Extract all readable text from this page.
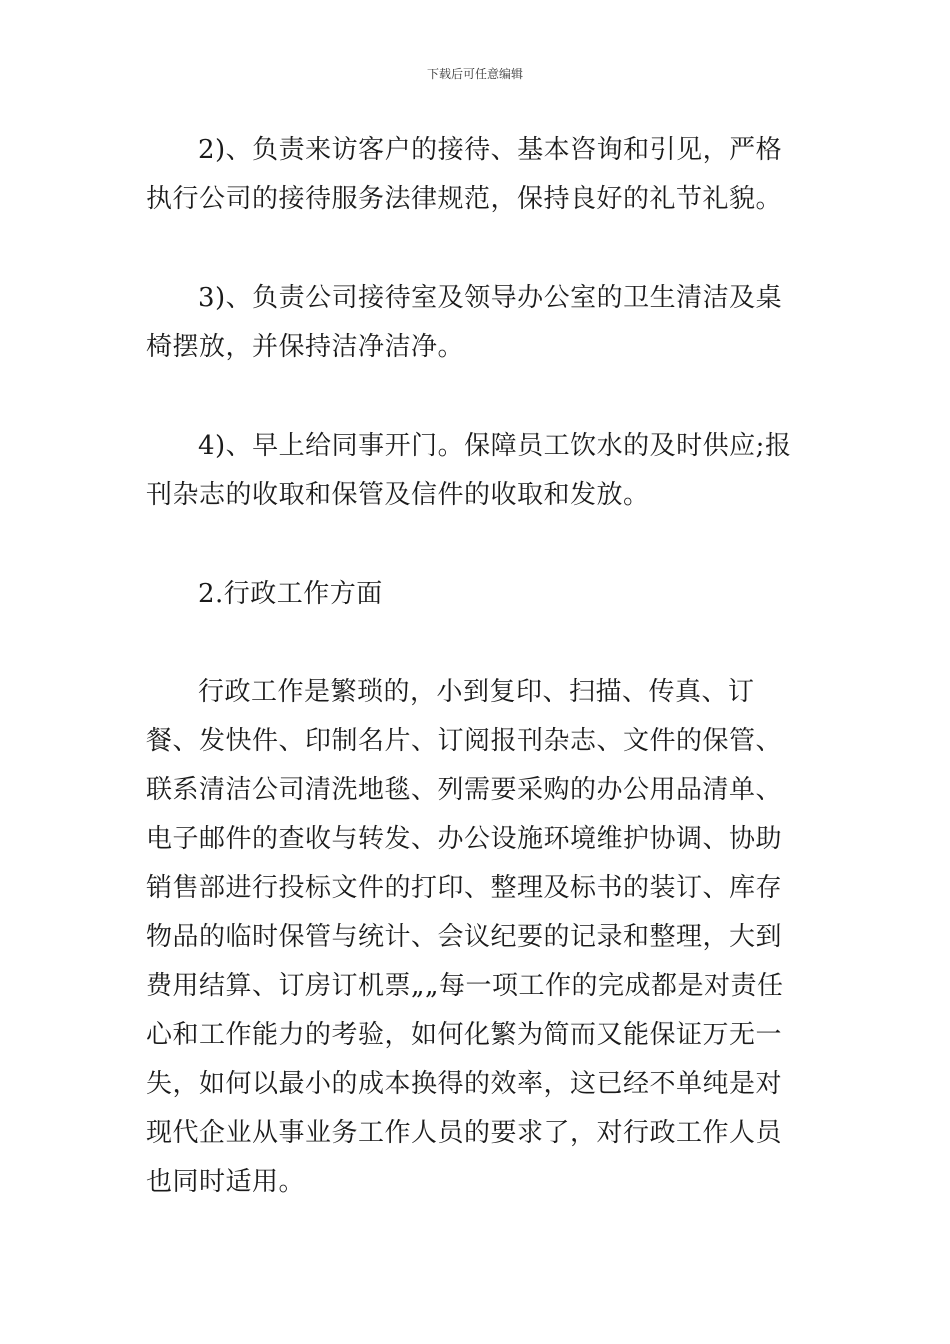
下载后可任意编辑

2)、负责来访客户的接待、基本咨询和引见，严格执行公司的接待服务法律规范，保持良好的礼节礼貌。

3)、负责公司接待室及领导办公室的卫生清洁及桌椅摆放，并保持洁净洁净。

4)、早上给同事开门。保障员工饮水的及时供应;报刊杂志的收取和保管及信件的收取和发放。

2.行政工作方面

行政工作是繁琐的，小到复印、扫描、传真、订餐、发快件、印制名片、订阅报刊杂志、文件的保管、联系清洁公司清洗地毯、列需要采购的办公用品清单、电子邮件的查收与转发、办公设施环境维护协调、协助销售部进行投标文件的打印、整理及标书的装订、库存物品的临时保管与统计、会议纪要的记录和整理，大到费用结算、订房订机票„„每一项工作的完成都是对责任心和工作能力的考验，如何化繁为简而又能保证万无一失，如何以最小的成本换得的效率，这已经不单纯是对现代企业从事业务工作人员的要求了，对行政工作人员也同时适用。
